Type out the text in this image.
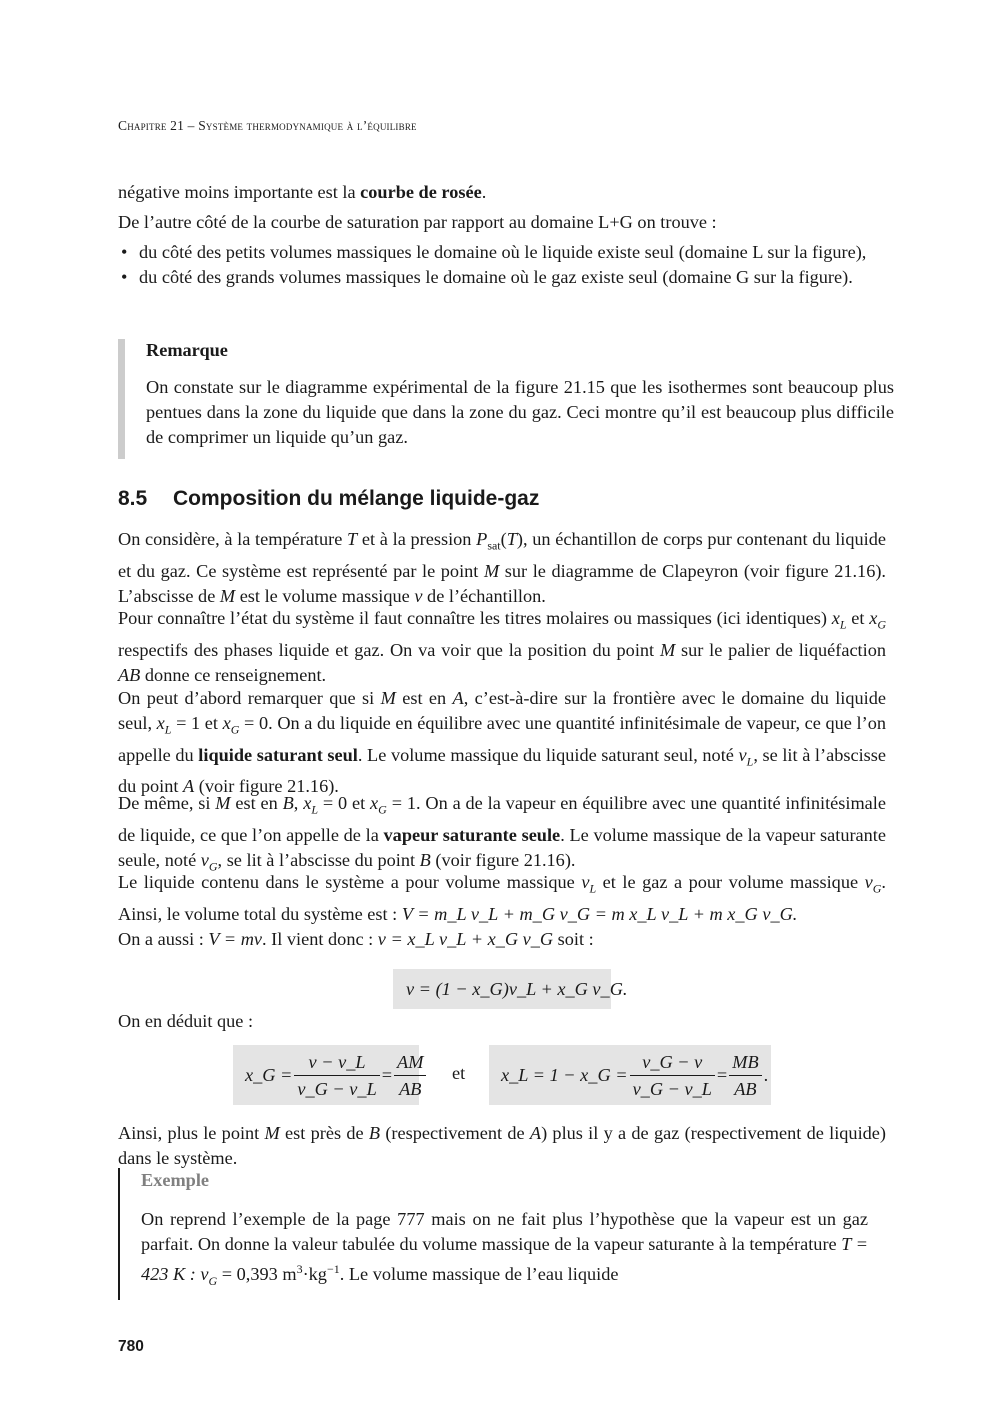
Chapitre 21 – Système thermodynamique à l’équilibre

négative moins importante est la courbe de rosée.

De l’autre côté de la courbe de saturation par rapport au domaine L+G on trouve :

• du côté des petits volumes massiques le domaine où le liquide existe seul (domaine L sur la figure),
• du côté des grands volumes massiques le domaine où le gaz existe seul (domaine G sur la figure).
Remarque

On constate sur le diagramme expérimental de la figure 21.15 que les isothermes sont beaucoup plus pentues dans la zone du liquide que dans la zone du gaz. Ceci montre qu’il est beaucoup plus difficile de comprimer un liquide qu’un gaz.

8.5 Composition du mélange liquide-gaz

On considère, à la température T et à la pression $P_{sat}(T)$, un échantillon de corps pur contenant du liquide et du gaz. Ce système est représenté par le point M sur le diagramme de Clapeyron (voir figure 21.16). L’abscisse de M est le volume massique v de l’échantillon.

Pour connaître l’état du système il faut connaître les titres molaires ou massiques (ici identiques) $x_L$ et $x_G$ respectifs des phases liquide et gaz. On va voir que la position du point M sur le palier de liquéfaction AB donne ce renseignement.

On peut d’abord remarquer que si M est en A, c’est-à-dire sur la frontière avec le domaine du liquide seul, $x_L = 1$ et $x_G = 0$. On a du liquide en équilibre avec une quantité infinitésimale de vapeur, ce que l’on appelle du liquide saturant seul. Le volume massique du liquide saturant seul, noté $v_L$, se lit à l’abscisse du point A (voir figure 21.16).

De même, si M est en B, $x_L = 0$ et $x_G = 1$. On a de la vapeur en équilibre avec une quantité infinitésimale de liquide, ce que l’on appelle de la vapeur saturante seule. Le volume massique de la vapeur saturante seule, noté $v_G$, se lit à l’abscisse du point B (voir figure 21.16).

Le liquide contenu dans le système a pour volume massique $v_L$ et le gaz a pour volume massique $v_G$. Ainsi, le volume total du système est : V = m_L v_L + m_G v_G = m x_L v_L + m x_G v_G.
On a aussi : V = mv. Il vient donc : v = x_L v_L + x_G v_G soit :

v = (1 − x_G)v_L + x_G v_G.

On en déduit que :

x_G = $\frac{v - v\_L}{v\_G - v\_L} = \frac{AM}{AB}$ et x_L = 1 − x_G = $\frac{v\_G - v}{v\_G - v\_L} = \frac{MB}{AB}$ .

Ainsi, plus le point M est près de B (respectivement de A) plus il y a de gaz (respectivement de liquide) dans le système.

Exemple

On reprend l’exemple de la page 777 mais on ne fait plus l’hypothèse que la vapeur est un gaz parfait. On donne la valeur tabulée du volume massique de la vapeur saturante à la température T = 423 K : $v_G = 0,393$ $m^3\cdot kg^{-1}$. Le volume massique de l’eau liquide

780
